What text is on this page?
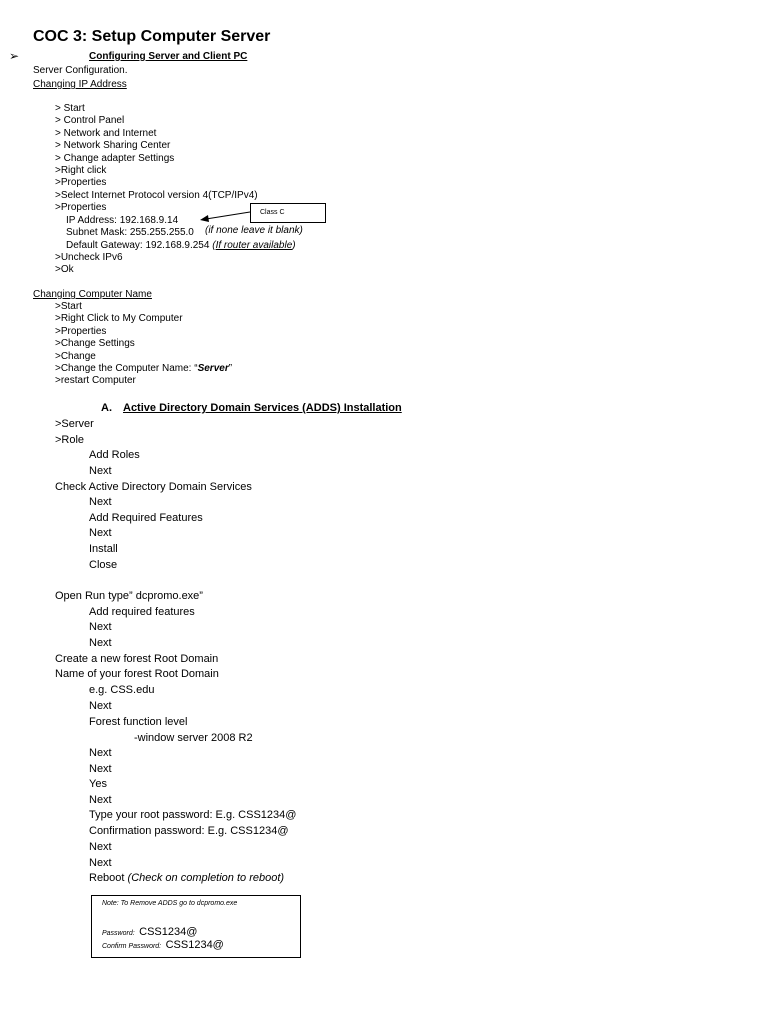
COC 3: Setup Computer Server
➢	Configuring Server and Client PC
Server Configuration.
Changing IP Address
> Start
> Control Panel
> Network and Internet
> Network Sharing Center
> Change adapter Settings
>Right click
>Properties
>Select Internet Protocol version 4(TCP/IPv4)
>Properties
IP Address: 192.168.9.14
Subnet Mask: 255.255.255.0 (if none leave it blank)
Default Gateway: 192.168.9.254 (If router available)
Class C
>Uncheck IPv6
>Ok
Changing Computer Name
>Start
>Right Click to My Computer
>Properties
>Change Settings
>Change
>Change the Computer Name: “Server”
>restart Computer
A. Active Directory Domain Services (ADDS) Installation
>Server
>Role
Add Roles
Next
Check Active Directory Domain Services
Next
Add Required Features
Next
Install
Close
Open Run type” dcpromo.exe”
Add required features
Next
Next
Create a new forest Root Domain
Name of your forest Root Domain
e.g. CSS.edu
Next
Forest function level
-window server 2008 R2
Next
Next
Yes
Next
Type your root password: E.g. CSS1234@
Confirmation password: E.g. CSS1234@
Next
Next
Reboot (Check on completion to reboot)
Note: To Remove ADDS go to dcpromo.exe
Password: CSS1234@
Confirm Password: CSS1234@
